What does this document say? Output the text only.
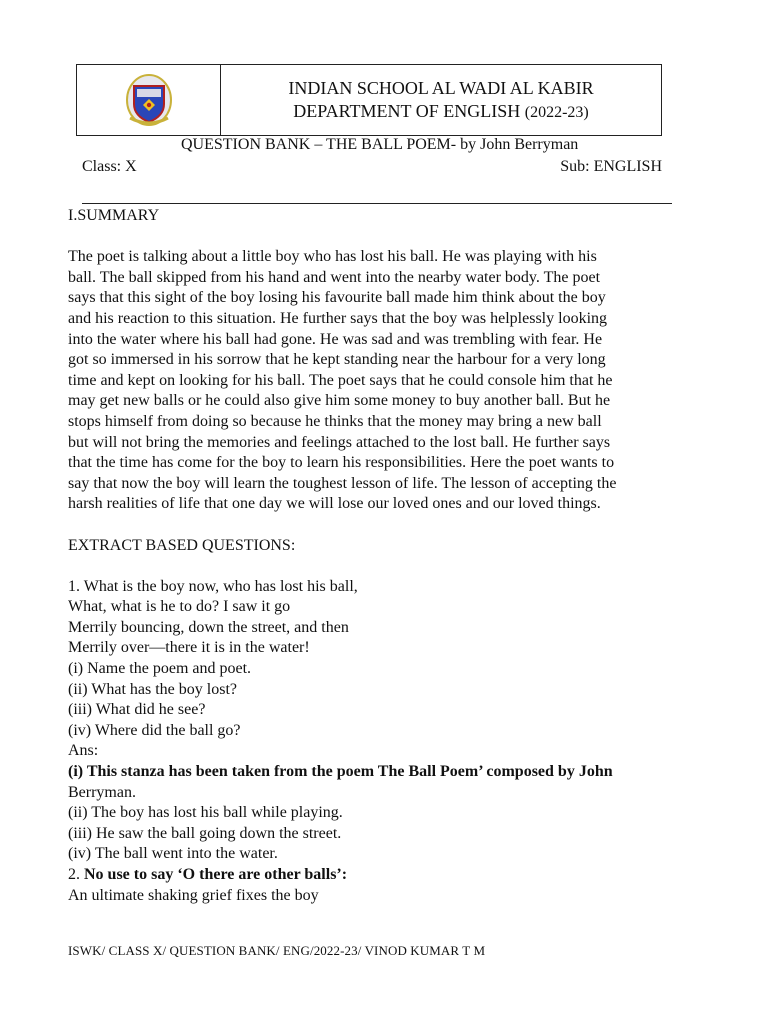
INDIAN SCHOOL AL WADI AL KABIR
DEPARTMENT OF ENGLISH (2022-23)
QUESTION BANK – THE BALL POEM- by John Berryman
Class: X	Sub: ENGLISH

I.SUMMARY

The poet is talking about a little boy who has lost his ball. He was playing with his

ball. The ball skipped from his hand and went into the nearby water body. The poet

says that this sight of the boy losing his favourite ball made him think about the boy

and his reaction to this situation. He further says that the boy was helplessly looking

into the water where his ball had gone. He was sad and was trembling with fear. He

got so immersed in his sorrow that he kept standing near the harbour for a very long

time and kept on looking for his ball. The poet says that he could console him that he

may get new balls or he could also give him some money to buy another ball. But he

stops himself from doing so because he thinks that the money may bring a new ball

but will not bring the memories and feelings attached to the lost ball. He further says

that the time has come for the boy to learn his responsibilities. Here the poet wants to

say that now the boy will learn the toughest lesson of life. The lesson of accepting the

harsh realities of life that one day we will lose our loved ones and our loved things.

EXTRACT BASED QUESTIONS:

1. What is the boy now, who has lost his ball,

What, what is he to do? I saw it go

Merrily bouncing, down the street, and then

Merrily over—there it is in the water!

(i) Name the poem and poet.

(ii) What has the boy lost?

(iii) What did he see?

(iv) Where did the ball go?

Ans:

(i) This stanza has been taken from the poem The Ball Poem’ composed by John

Berryman.

(ii) The boy has lost his ball while playing.

(iii) He saw the ball going down the street.

(iv) The ball went into the water.

2. No use to say ‘O there are other balls’:

An ultimate shaking grief fixes the boy

ISWK/ CLASS X/ QUESTION BANK/ ENG/2022-23/ VINOD KUMAR T M
